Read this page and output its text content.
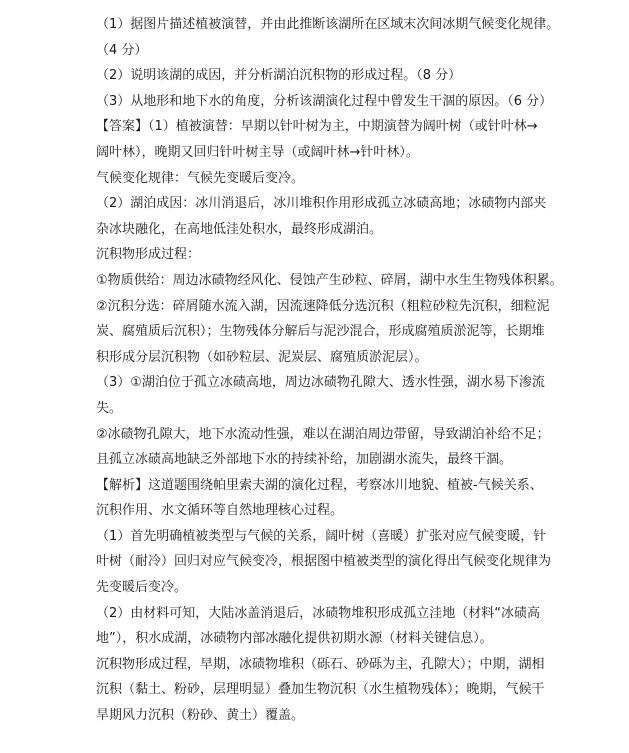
（1）据图片描述植被演替，并由此推断该湖所在区域末次间冰期气候变化规律。
（4 分）
（2）说明该湖的成因，并分析湖泊沉积物的形成过程。（8 分）
（3）从地形和地下水的角度，分析该湖演化过程中曾发生干涸的原因。（6 分）
【答案】（1）植被演替：早期以针叶树为主，中期演替为阔叶树（或针叶林→
阔叶林），晚期又回归针叶树主导（或阔叶林→针叶林）。
气候变化规律：气候先变暖后变冷。
（2）湖泊成因：冰川消退后，冰川堆积作用形成孤立冰碛高地；冰碛物内部夹
杂冰块融化，在高地低洼处积水，最终形成湖泊。
沉积物形成过程：
①物质供给：周边冰碛物经风化、侵蚀产生砂粒、碎屑，湖中水生生物残体积累。
②沉积分选：碎屑随水流入湖，因流速降低分选沉积（粗粒砂粒先沉积，细粒泥
炭、腐殖质后沉积）；生物残体分解后与泥沙混合，形成腐殖质淤泥等，长期堆
积形成分层沉积物（如砂粒层、泥炭层、腐殖质淤泥层）。
（3）①湖泊位于孤立冰碛高地，周边冰碛物孔隙大、透水性强，湖水易下渗流
失。
②冰碛物孔隙大，地下水流动性强，难以在湖泊周边带留，导致湖泊补给不足；
且孤立冰碛高地缺乏外部地下水的持续补给，加剧湖水流失，最终干涸。
【解析】这道题围绕帕里索夫湖的演化过程，考察冰川地貌、植被-气候关系、
沉积作用、水文循环等自然地理核心过程。
（1）首先明确植被类型与气候的关系，阔叶树（喜暖）扩张对应气候变暖，针
叶树（耐冷）回归对应气候变冷，根据图中植被类型的演化得出气候变化规律为
先变暖后变冷。
（2）由材料可知，大陆冰盖消退后，冰碛物堆积形成孤立洼地（材料“冰碛高
地”），积水成湖，冰碛物内部冰融化提供初期水源（材料关键信息）。
沉积物形成过程，早期，冰碛物堆积（砾石、砂砾为主，孔隙大）；中期，湖相
沉积（黏土、粉砂，层理明显）叠加生物沉积（水生植物残体）；晚期，气候干
旱期风力沉积（粉砂、黄土）覆盖。
